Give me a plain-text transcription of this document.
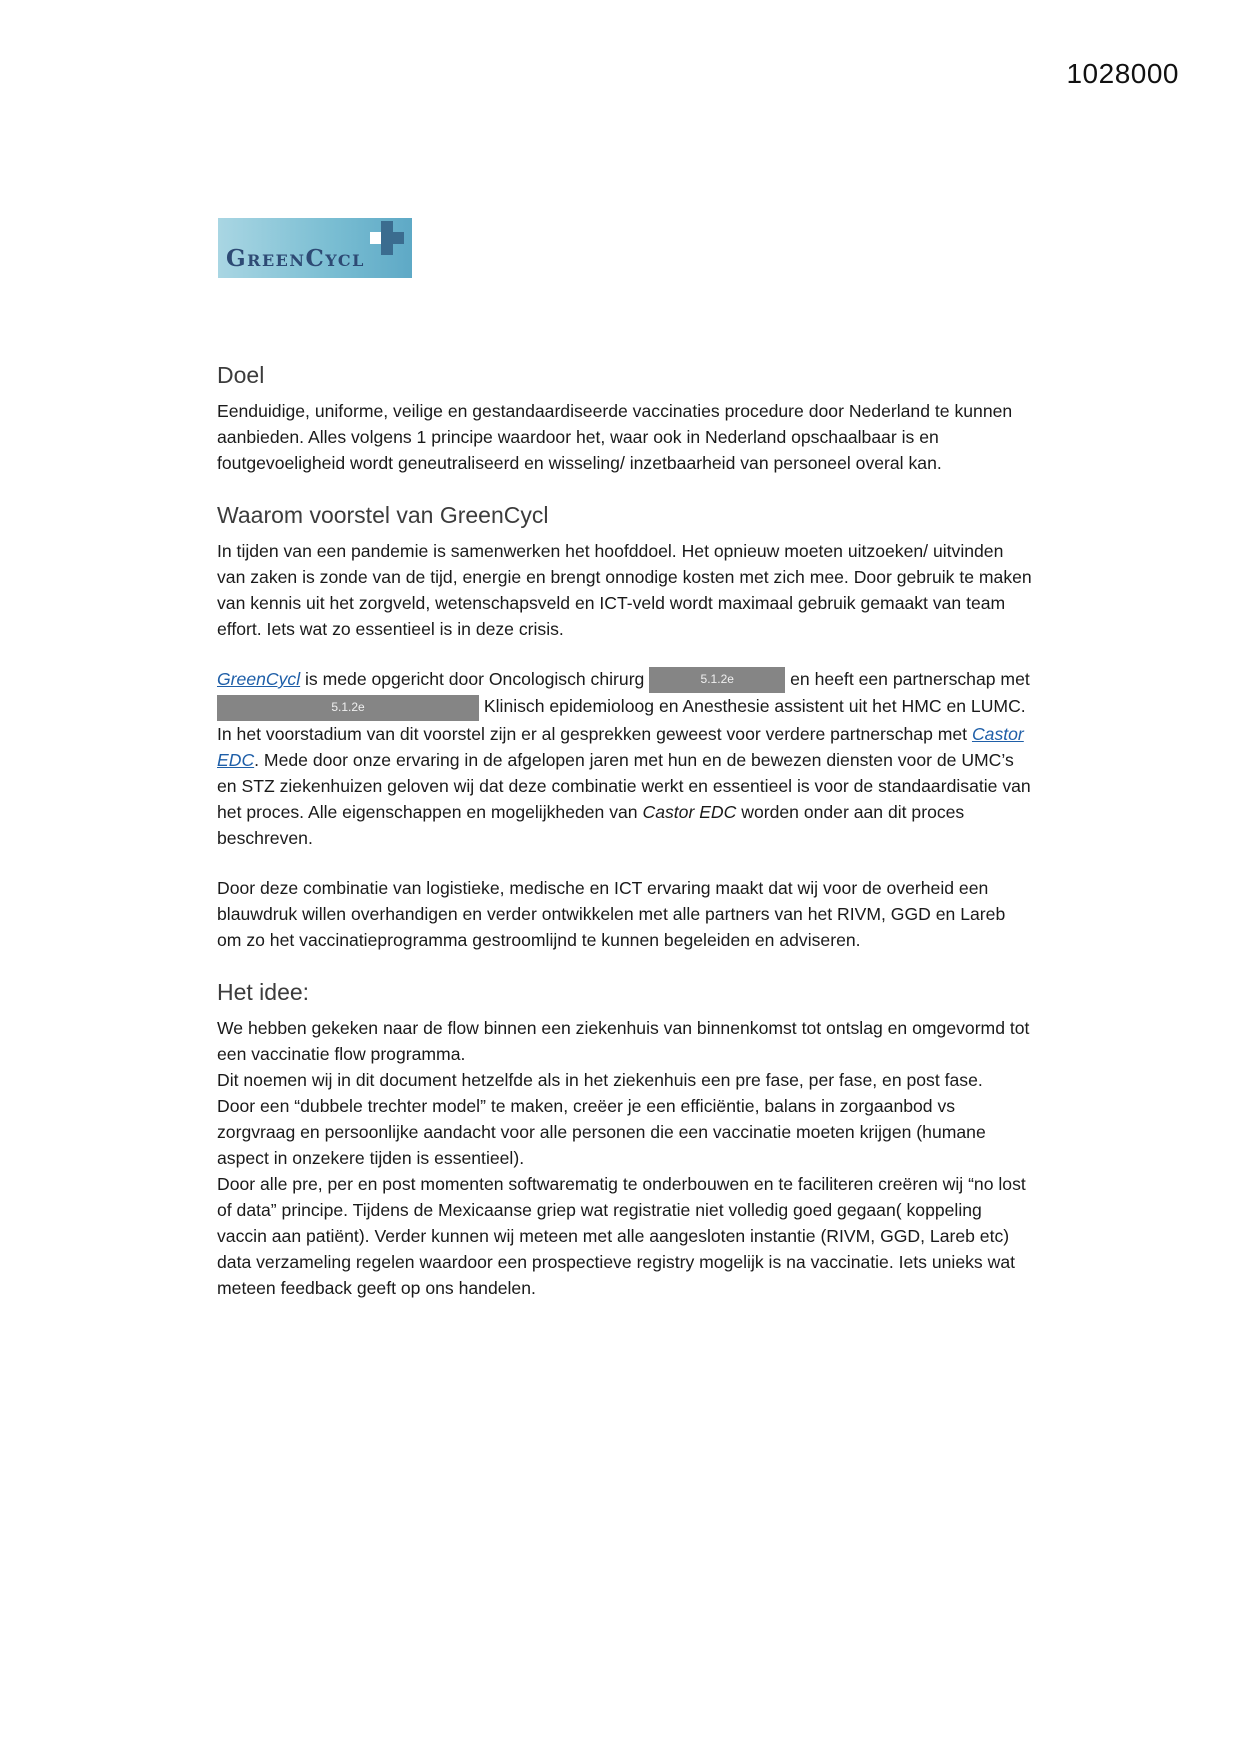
1028000
GreenCycl
Doel

Eenduidige, uniforme, veilige en gestandaardiseerde vaccinaties procedure door Nederland te kunnen aanbieden. Alles volgens 1 principe waardoor het, waar ook in Nederland opschaalbaar is en foutgevoeligheid wordt geneutraliseerd en wisseling/ inzetbaarheid van personeel overal kan.

Waarom voorstel van GreenCycl

In tijden van een pandemie is samenwerken het hoofddoel. Het opnieuw moeten uitzoeken/ uitvinden van zaken is zonde van de tijd, energie en brengt onnodige kosten met zich mee. Door gebruik te maken van kennis uit het zorgveld, wetenschapsveld en ICT-veld wordt maximaal gebruik gemaakt van team effort. Iets wat zo essentieel is in deze crisis.

GreenCycl is mede opgericht door Oncologisch chirurg	5.1.2e	en heeft een partnerschap met 5.1.2e	Klinisch epidemioloog en Anesthesie assistent uit het HMC en LUMC.

In het voorstadium van dit voorstel zijn er al gesprekken geweest voor verdere partnerschap met Castor EDC. Mede door onze ervaring in de afgelopen jaren met hun en de bewezen diensten voor de UMC’s en STZ ziekenhuizen geloven wij dat deze combinatie werkt en essentieel is voor de standaardisatie van het proces. Alle eigenschappen en mogelijkheden van Castor EDC worden onder aan dit proces beschreven.

Door deze combinatie van logistieke, medische en ICT ervaring maakt dat wij voor de overheid een blauwdruk willen overhandigen en verder ontwikkelen met alle partners van het RIVM, GGD en Lareb om zo het vaccinatieprogramma gestroomlijnd te kunnen begeleiden en adviseren.

Het idee:

We hebben gekeken naar de flow binnen een ziekenhuis van binnenkomst tot ontslag en omgevormd tot een vaccinatie flow programma.

Dit noemen wij in dit document hetzelfde als in het ziekenhuis een pre fase, per fase, en post fase.

Door een “dubbele trechter model” te maken, creëer je een efficiëntie, balans in zorgaanbod vs zorgvraag en persoonlijke aandacht voor alle personen die een vaccinatie moeten krijgen (humane aspect in onzekere tijden is essentieel).

Door alle pre, per en post momenten softwarematig te onderbouwen en te faciliteren creëren wij “no lost of data” principe. Tijdens de Mexicaanse griep wat registratie niet volledig goed gegaan( koppeling vaccin aan patiënt). Verder kunnen wij meteen met alle aangesloten instantie (RIVM, GGD, Lareb etc) data verzameling regelen waardoor een prospectieve registry mogelijk is na vaccinatie. Iets unieks wat meteen feedback geeft op ons handelen.
